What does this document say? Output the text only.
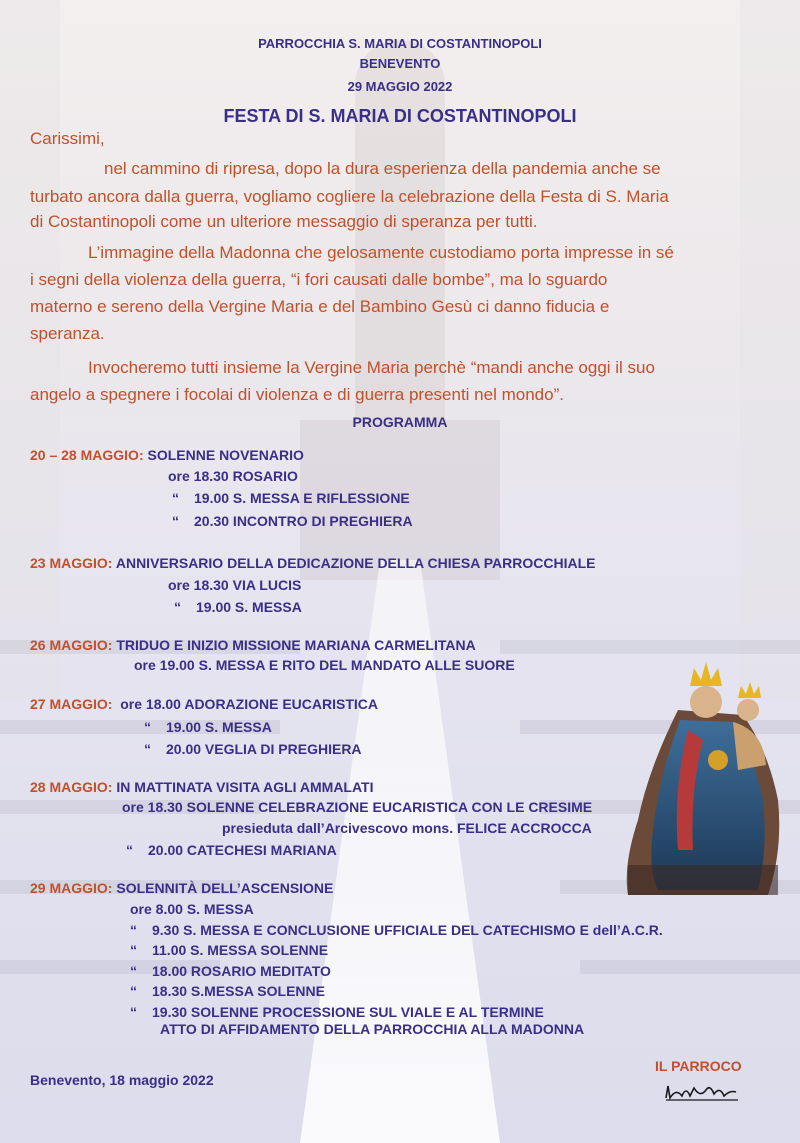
PARROCCHIA S. MARIA DI COSTANTINOPOLI
BENEVENTO
29 MAGGIO 2022
FESTA DI S. MARIA DI COSTANTINOPOLI
Carissimi,
nel cammino di ripresa, dopo la dura esperienza della pandemia anche se
turbato ancora dalla guerra, vogliamo cogliere la celebrazione della Festa di S. Maria
di Costantinopoli come un ulteriore messaggio di speranza per tutti.
L’immagine della Madonna che gelosamente custodiamo porta impresse in sé
i segni della violenza della guerra, “i fori causati dalle bombe”, ma lo sguardo
materno e sereno della Vergine Maria e del Bambino Gesù ci danno fiducia e
speranza.
Invocheremo tutti insieme la Vergine Maria perchè “mandi anche oggi il suo
angelo a spegnere i focolai di violenza e di guerra presenti nel mondo”.
PROGRAMMA
20 – 28 MAGGIO: SOLENNE NOVENARIO
ore 18.30 ROSARIO
“ 19.00 S. MESSA E RIFLESSIONE
“ 20.30 INCONTRO DI PREGHIERA
23 MAGGIO: ANNIVERSARIO DELLA DEDICAZIONE DELLA CHIESA PARROCCHIALE
ore 18.30 VIA LUCIS
“ 19.00 S. MESSA
26 MAGGIO: TRIDUO E INIZIO MISSIONE MARIANA CARMELITANA
ore 19.00 S. MESSA E RITO DEL MANDATO ALLE SUORE
27 MAGGIO:  ore 18.00 ADORAZIONE EUCARISTICA
“ 19.00 S. MESSA
“ 20.00 VEGLIA DI PREGHIERA
28 MAGGIO: IN MATTINATA VISITA AGLI AMMALATI
ore 18.30 SOLENNE CELEBRAZIONE EUCARISTICA CON LE CRESIME
presieduta dall’Arcivescovo mons. FELICE ACCROCCA
“ 20.00 CATECHESI MARIANA
29 MAGGIO: SOLENNITÀ DELL’ASCENSIONE
ore 8.00 S. MESSA
“ 9.30 S. MESSA E CONCLUSIONE UFFICIALE DEL CATECHISMO E dell’A.C.R.
“ 11.00 S. MESSA SOLENNE
“ 18.00 ROSARIO MEDITATO
“ 18.30 S.MESSA SOLENNE
“ 19.30 SOLENNE PROCESSIONE SUL VIALE E AL TERMINE
ATTO DI AFFIDAMENTO DELLA PARROCCHIA ALLA MADONNA
Benevento, 18 maggio 2022
IL PARROCO
